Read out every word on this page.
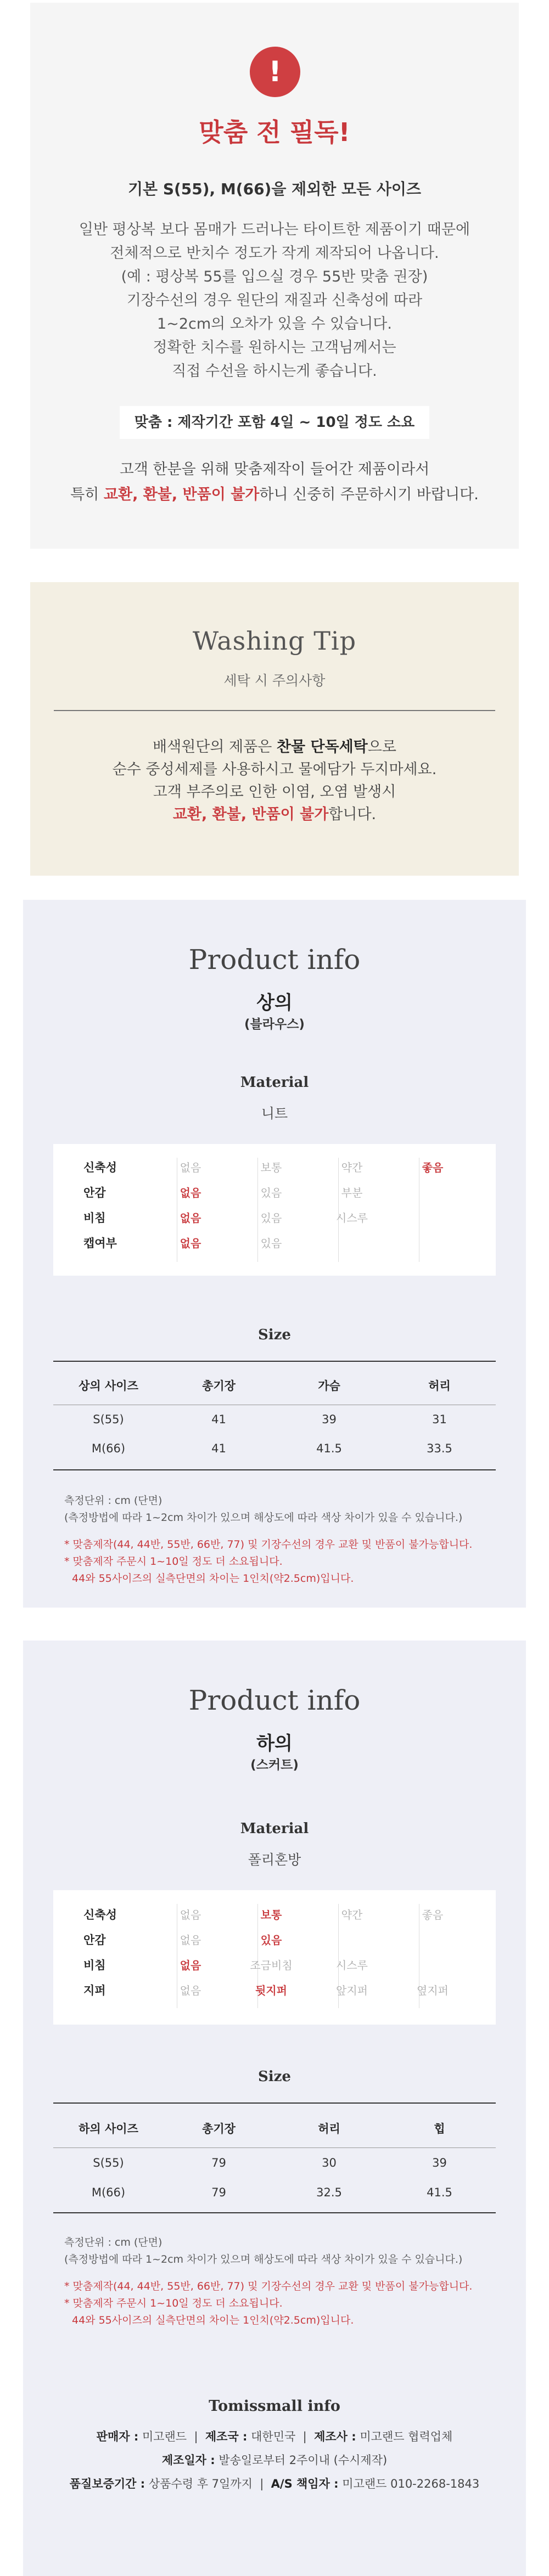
!
맞춤 전 필독!
기본 S(55), M(66)을 제외한 모든 사이즈
일반 평상복 보다 몸매가 드러나는 타이트한 제품이기 때문에
전체적으로 반치수 정도가 작게 제작되어 나옵니다.
(예 : 평상복 55를 입으실 경우 55반 맞춤 권장)
기장수선의 경우 원단의 재질과 신축성에 따라
1~2cm의 오차가 있을 수 있습니다.
정확한 치수를 원하시는 고객님께서는
직접 수선을 하시는게 좋습니다.
맞춤 : 제작기간 포함 4일 ~ 10일 정도 소요
고객 한분을 위해 맞춤제작이 들어간 제품이라서
특히 교환, 환불, 반품이 불가하니 신중히 주문하시기 바랍니다.
Washing Tip
세탁 시 주의사항
배색원단의 제품은 찬물 단독세탁으로
순수 중성세제를 사용하시고 물에담가 두지마세요.
고객 부주의로 인한 이염, 오염 발생시
교환, 환불, 반품이 불가합니다.
Product info
상의
(블라우스)
Material
니트
신축성	없음	보통	약간	좋음
안감	없음	있음	부분
비침	없음	있음	시스루
캡여부	없음	있음
Size
상의 사이즈	총기장	가슴	허리
S(55)	41	39	31
M(66)	41	41.5	33.5
측정단위 : cm (단면)
(측정방법에 따라 1~2cm 차이가 있으며 해상도에 따라 색상 차이가 있을 수 있습니다.)
* 맞춤제작(44, 44반, 55반, 66반, 77) 및 기장수선의 경우 교환 및 반품이 불가능합니다.
* 맞춤제작 주문시 1~10일 정도 더 소요됩니다.
44와 55사이즈의 실측단면의 차이는 1인치(약2.5cm)입니다.
Product info
하의
(스커트)
Material
폴리혼방
신축성	없음	보통	약간	좋음
안감	없음	있음
비침	없음	조금비침	시스루
지퍼	없음	뒷지퍼	앞지퍼	옆지퍼
Size
하의 사이즈	총기장	허리	힙
S(55)	79	30	39
M(66)	79	32.5	41.5
측정단위 : cm (단면)
(측정방법에 따라 1~2cm 차이가 있으며 해상도에 따라 색상 차이가 있을 수 있습니다.)
* 맞춤제작(44, 44반, 55반, 66반, 77) 및 기장수선의 경우 교환 및 반품이 불가능합니다.
* 맞춤제작 주문시 1~10일 정도 더 소요됩니다.
44와 55사이즈의 실측단면의 차이는 1인치(약2.5cm)입니다.
Tomissmall info
판매자 : 미고랜드  |  제조국 : 대한민국  |  제조사 : 미고랜드 협력업체
제조일자 : 발송일로부터 2주이내 (수시제작)
품질보증기간 : 상품수령 후 7일까지  |  A/S 책임자 : 미고랜드 010-2268-1843
